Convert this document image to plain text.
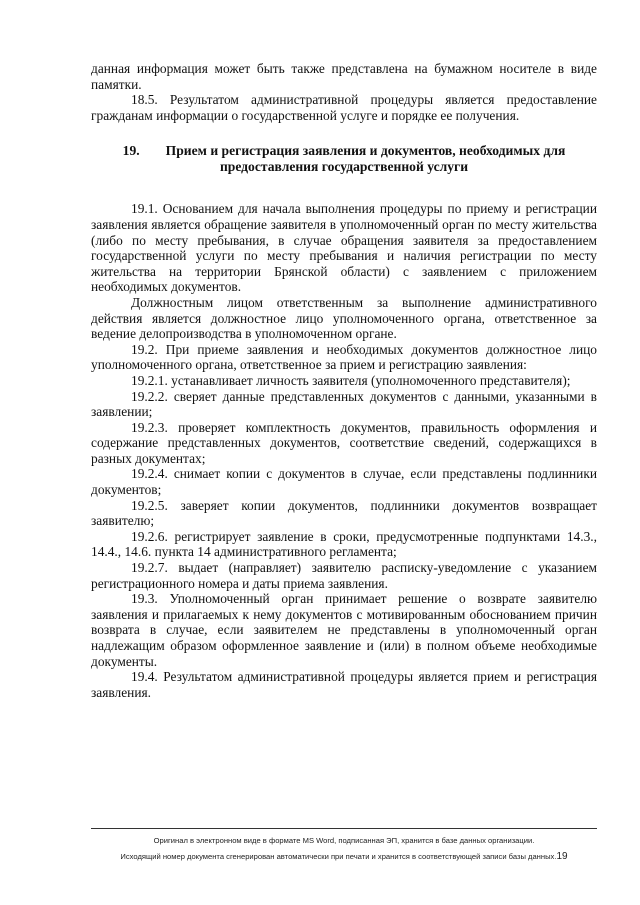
данная информация может быть также представлена на бумажном носителе в виде памятки.

18.5. Результатом административной процедуры является предоставление гражданам информации о государственной услуге и порядке ее получения.

19. Прием и регистрация заявления и документов, необходимых для предоставления государственной услуги

19.1. Основанием для начала выполнения процедуры по приему и регистрации заявления является обращение заявителя в уполномоченный орган по месту жительства (либо по месту пребывания, в случае обращения заявителя за предоставлением государственной услуги по месту пребывания и наличия регистрации по месту жительства на территории Брянской области) с заявлением с приложением необходимых документов.

Должностным лицом ответственным за выполнение административного действия является должностное лицо уполномоченного органа, ответственное за ведение делопроизводства в уполномоченном органе.

19.2. При приеме заявления и необходимых документов должностное лицо уполномоченного органа, ответственное за прием и регистрацию заявления:

19.2.1. устанавливает личность заявителя (уполномоченного представителя);

19.2.2. сверяет данные представленных документов с данными, указанными в заявлении;

19.2.3. проверяет комплектность документов, правильность оформления и содержание представленных документов, соответствие сведений, содержащихся в разных документах;

19.2.4. снимает копии с документов в случае, если представлены подлинники документов;

19.2.5. заверяет копии документов, подлинники документов возвращает заявителю;

19.2.6. регистрирует заявление в сроки, предусмотренные подпунктами 14.3., 14.4., 14.6. пункта 14 административного регламента;

19.2.7. выдает (направляет) заявителю расписку-уведомление с указанием регистрационного номера и даты приема заявления.

19.3. Уполномоченный орган принимает решение о возврате заявителю заявления и прилагаемых к нему документов с мотивированным обоснованием причин возврата в случае, если заявителем не представлены в уполномоченный орган надлежащим образом оформленное заявление и (или) в полном объеме необходимые документы.

19.4. Результатом административной процедуры является прием и регистрация заявления.

Оригинал в электронном виде в формате MS Word, подписанная ЭП, хранится в базе данных организации.
Исходящий номер документа сгенерирован автоматически при печати и хранится в соответствующей записи базы данных.19
